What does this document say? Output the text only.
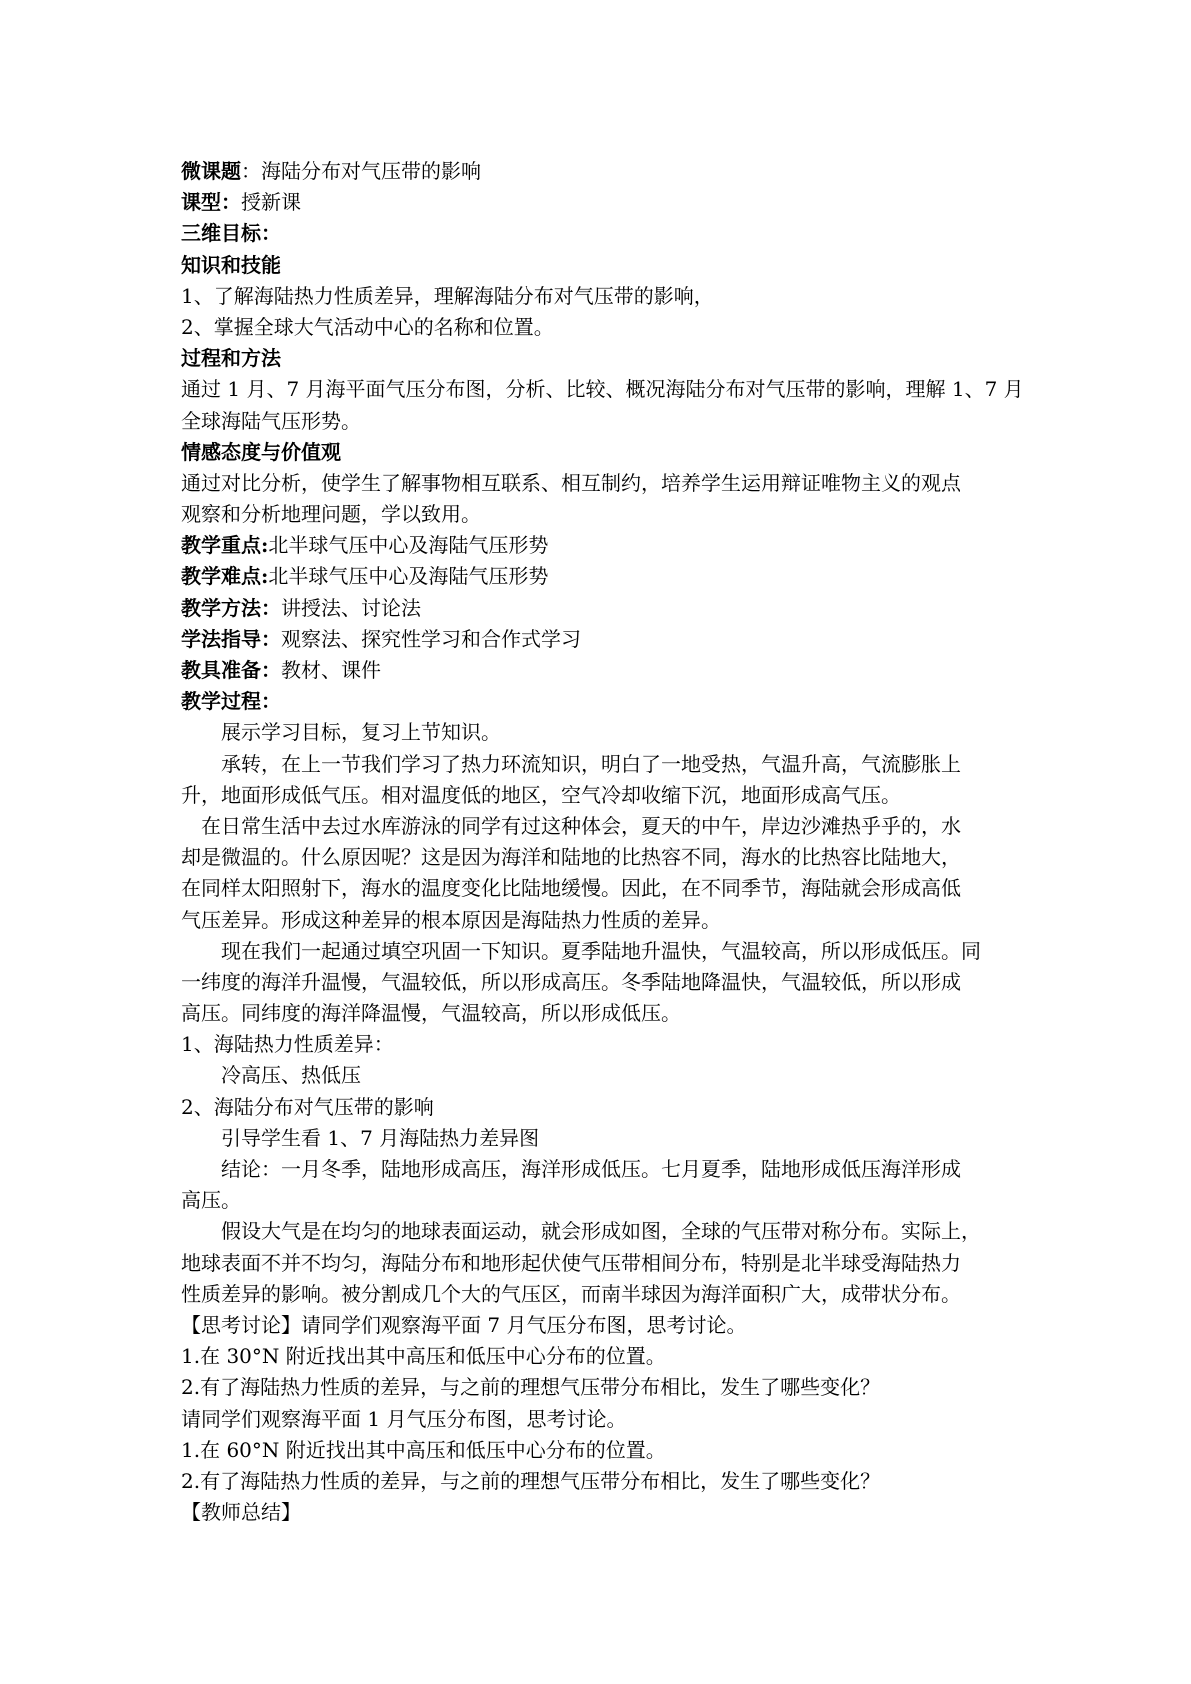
微课题：海陆分布对气压带的影响
课型：授新课
三维目标：
知识和技能
1、了解海陆热力性质差异，理解海陆分布对气压带的影响，
2、掌握全球大气活动中心的名称和位置。
过程和方法
通过 1 月、7 月海平面气压分布图，分析、比较、概况海陆分布对气压带的影响，理解 1、7 月
全球海陆气压形势。
情感态度与价值观
通过对比分析，使学生了解事物相互联系、相互制约，培养学生运用辩证唯物主义的观点
观察和分析地理问题，学以致用。
教学重点:北半球气压中心及海陆气压形势
教学难点:北半球气压中心及海陆气压形势
教学方法：讲授法、讨论法
学法指导：观察法、探究性学习和合作式学习
教具准备：教材、课件
教学过程：
展示学习目标，复习上节知识。
承转，在上一节我们学习了热力环流知识，明白了一地受热，气温升高，气流膨胀上
升，地面形成低气压。相对温度低的地区，空气冷却收缩下沉，地面形成高气压。
在日常生活中去过水库游泳的同学有过这种体会，夏天的中午，岸边沙滩热乎乎的，水
却是微温的。什么原因呢？这是因为海洋和陆地的比热容不同，海水的比热容比陆地大，
在同样太阳照射下，海水的温度变化比陆地缓慢。因此，在不同季节，海陆就会形成高低
气压差异。形成这种差异的根本原因是海陆热力性质的差异。
现在我们一起通过填空巩固一下知识。夏季陆地升温快，气温较高，所以形成低压。同
一纬度的海洋升温慢，气温较低，所以形成高压。冬季陆地降温快，气温较低，所以形成
高压。同纬度的海洋降温慢，气温较高，所以形成低压。
1、海陆热力性质差异：
冷高压、热低压
2、海陆分布对气压带的影响
引导学生看 1、7 月海陆热力差异图
结论：一月冬季，陆地形成高压，海洋形成低压。七月夏季，陆地形成低压海洋形成
高压。
假设大气是在均匀的地球表面运动，就会形成如图，全球的气压带对称分布。实际上，
地球表面不并不均匀，海陆分布和地形起伏使气压带相间分布，特别是北半球受海陆热力
性质差异的影响。被分割成几个大的气压区，而南半球因为海洋面积广大，成带状分布。
【思考讨论】请同学们观察海平面 7 月气压分布图，思考讨论。
1.在 30°N 附近找出其中高压和低压中心分布的位置。
2.有了海陆热力性质的差异，与之前的理想气压带分布相比，发生了哪些变化？
请同学们观察海平面 1 月气压分布图，思考讨论。
1.在 60°N 附近找出其中高压和低压中心分布的位置。
2.有了海陆热力性质的差异，与之前的理想气压带分布相比，发生了哪些变化？
【教师总结】
